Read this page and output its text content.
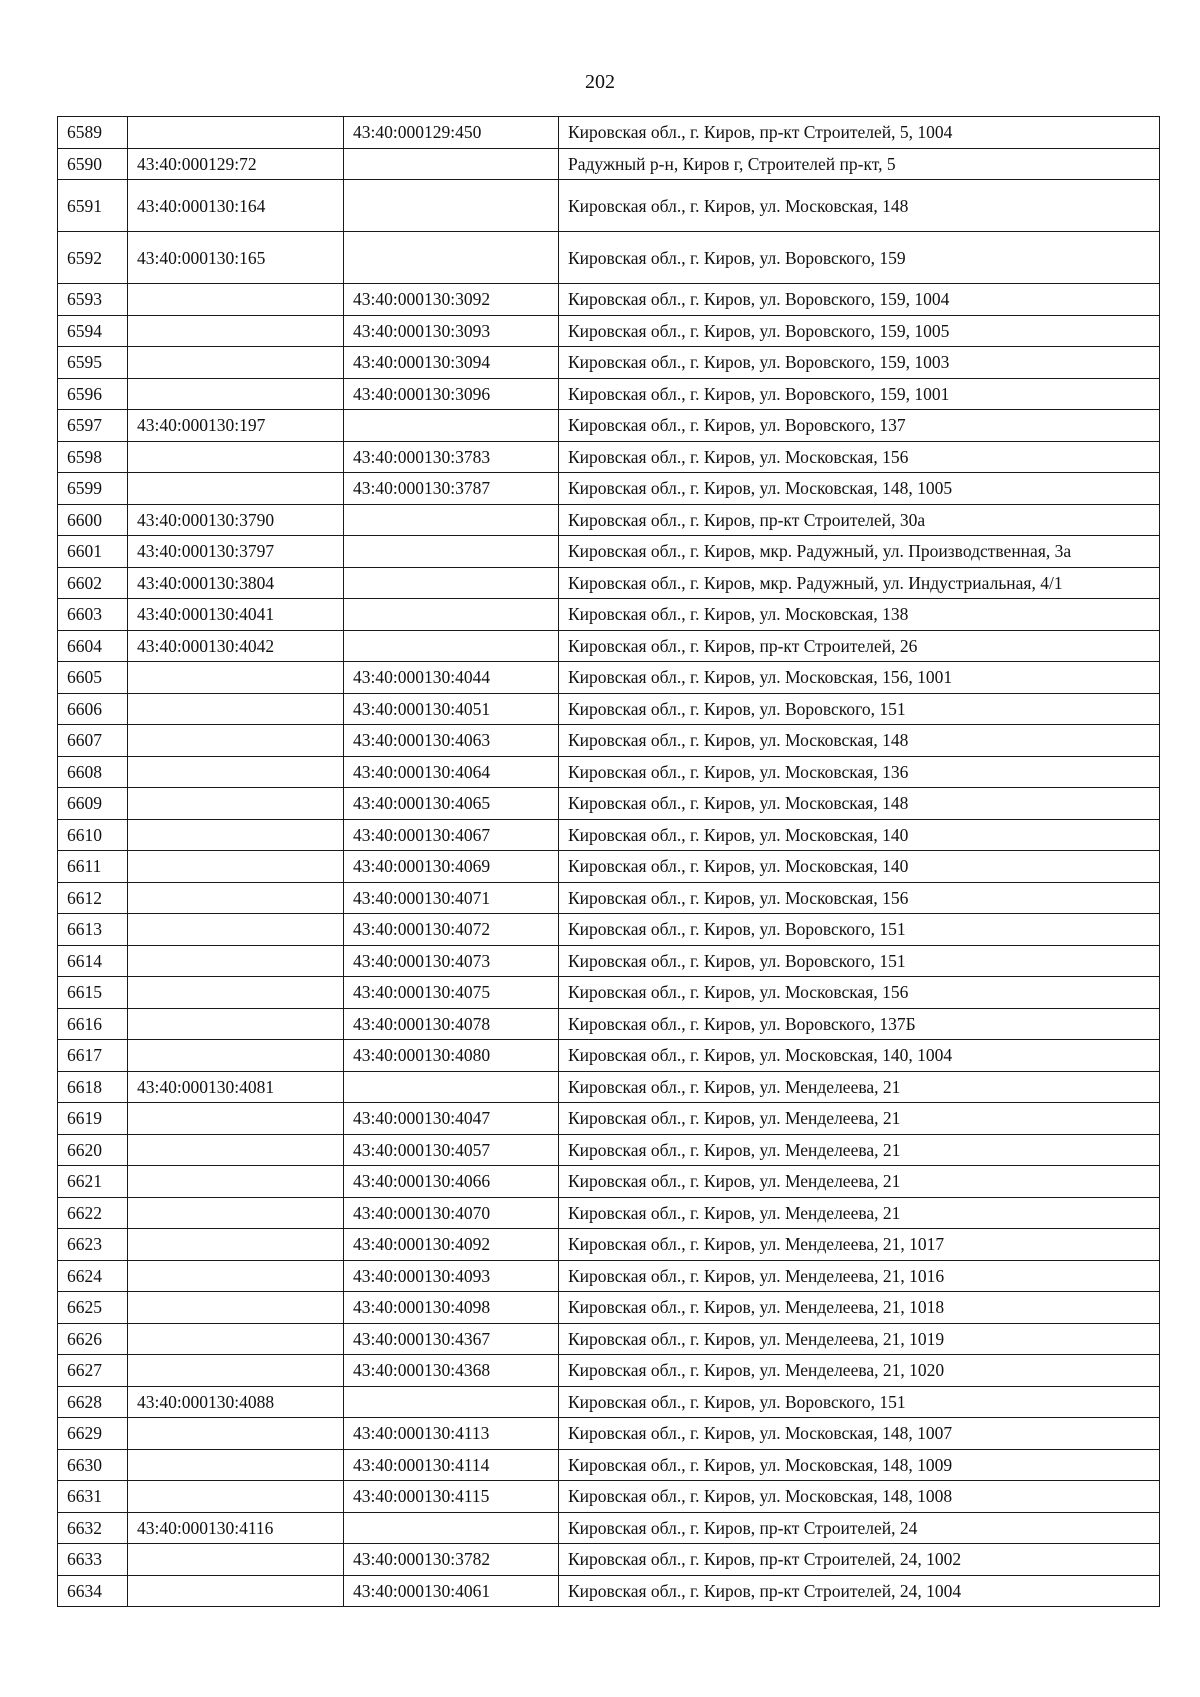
202
6589		43:40:000129:450	Кировская обл., г. Киров, пр-кт Строителей, 5, 1004
6590	43:40:000129:72		Радужный р-н, Киров г, Строителей пр-кт, 5
6591	43:40:000130:164		Кировская обл., г. Киров, ул. Московская, 148
6592	43:40:000130:165		Кировская обл., г. Киров, ул. Воровского, 159
6593		43:40:000130:3092	Кировская обл., г. Киров, ул. Воровского, 159, 1004
6594		43:40:000130:3093	Кировская обл., г. Киров, ул. Воровского, 159, 1005
6595		43:40:000130:3094	Кировская обл., г. Киров, ул. Воровского, 159, 1003
6596		43:40:000130:3096	Кировская обл., г. Киров, ул. Воровского, 159, 1001
6597	43:40:000130:197		Кировская обл., г. Киров, ул. Воровского, 137
6598		43:40:000130:3783	Кировская обл., г. Киров, ул. Московская, 156
6599		43:40:000130:3787	Кировская обл., г. Киров, ул. Московская, 148, 1005
6600	43:40:000130:3790		Кировская обл., г. Киров, пр-кт Строителей, 30а
6601	43:40:000130:3797		Кировская обл., г. Киров, мкр. Радужный, ул. Производственная, 3а
6602	43:40:000130:3804		Кировская обл., г. Киров, мкр. Радужный, ул. Индустриальная, 4/1
6603	43:40:000130:4041		Кировская обл., г. Киров, ул. Московская, 138
6604	43:40:000130:4042		Кировская обл., г. Киров, пр-кт Строителей, 26
6605		43:40:000130:4044	Кировская обл., г. Киров, ул. Московская, 156, 1001
6606		43:40:000130:4051	Кировская обл., г. Киров, ул. Воровского, 151
6607		43:40:000130:4063	Кировская обл., г. Киров, ул. Московская, 148
6608		43:40:000130:4064	Кировская обл., г. Киров, ул. Московская, 136
6609		43:40:000130:4065	Кировская обл., г. Киров, ул. Московская, 148
6610		43:40:000130:4067	Кировская обл., г. Киров, ул. Московская, 140
6611		43:40:000130:4069	Кировская обл., г. Киров, ул. Московская, 140
6612		43:40:000130:4071	Кировская обл., г. Киров, ул. Московская, 156
6613		43:40:000130:4072	Кировская обл., г. Киров, ул. Воровского, 151
6614		43:40:000130:4073	Кировская обл., г. Киров, ул. Воровского, 151
6615		43:40:000130:4075	Кировская обл., г. Киров, ул. Московская, 156
6616		43:40:000130:4078	Кировская обл., г. Киров, ул. Воровского, 137Б
6617		43:40:000130:4080	Кировская обл., г. Киров, ул. Московская, 140, 1004
6618	43:40:000130:4081		Кировская обл., г. Киров, ул. Менделеева, 21
6619		43:40:000130:4047	Кировская обл., г. Киров, ул. Менделеева, 21
6620		43:40:000130:4057	Кировская обл., г. Киров, ул. Менделеева, 21
6621		43:40:000130:4066	Кировская обл., г. Киров, ул. Менделеева, 21
6622		43:40:000130:4070	Кировская обл., г. Киров, ул. Менделеева, 21
6623		43:40:000130:4092	Кировская обл., г. Киров, ул. Менделеева, 21, 1017
6624		43:40:000130:4093	Кировская обл., г. Киров, ул. Менделеева, 21, 1016
6625		43:40:000130:4098	Кировская обл., г. Киров, ул. Менделеева, 21, 1018
6626		43:40:000130:4367	Кировская обл., г. Киров, ул. Менделеева, 21, 1019
6627		43:40:000130:4368	Кировская обл., г. Киров, ул. Менделеева, 21, 1020
6628	43:40:000130:4088		Кировская обл., г. Киров, ул. Воровского, 151
6629		43:40:000130:4113	Кировская обл., г. Киров, ул. Московская, 148, 1007
6630		43:40:000130:4114	Кировская обл., г. Киров, ул. Московская, 148, 1009
6631		43:40:000130:4115	Кировская обл., г. Киров, ул. Московская, 148, 1008
6632	43:40:000130:4116		Кировская обл., г. Киров, пр-кт Строителей, 24
6633		43:40:000130:3782	Кировская обл., г. Киров, пр-кт Строителей, 24, 1002
6634		43:40:000130:4061	Кировская обл., г. Киров, пр-кт Строителей, 24, 1004
